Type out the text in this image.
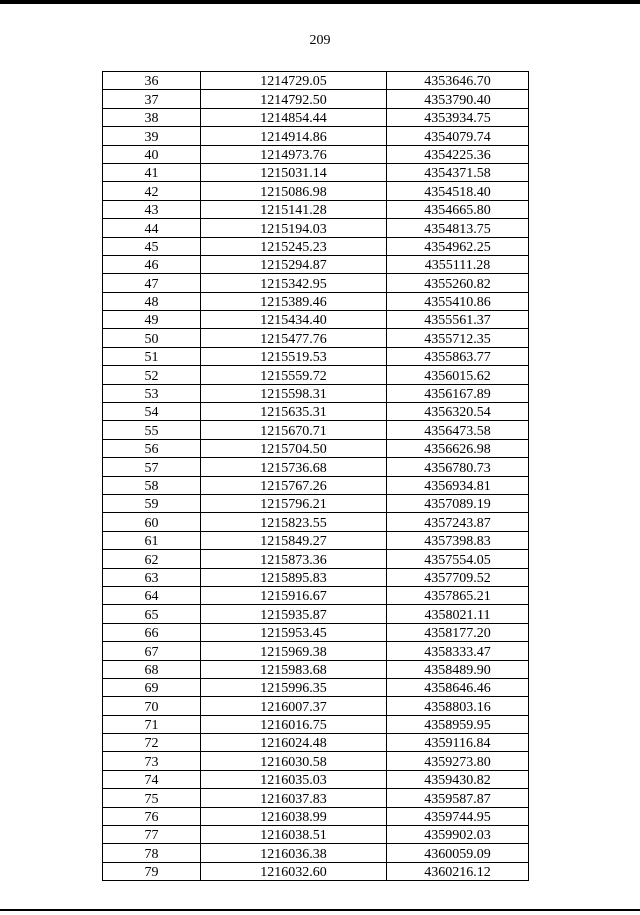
209
36	1214729.05	4353646.70
37	1214792.50	4353790.40
38	1214854.44	4353934.75
39	1214914.86	4354079.74
40	1214973.76	4354225.36
41	1215031.14	4354371.58
42	1215086.98	4354518.40
43	1215141.28	4354665.80
44	1215194.03	4354813.75
45	1215245.23	4354962.25
46	1215294.87	4355111.28
47	1215342.95	4355260.82
48	1215389.46	4355410.86
49	1215434.40	4355561.37
50	1215477.76	4355712.35
51	1215519.53	4355863.77
52	1215559.72	4356015.62
53	1215598.31	4356167.89
54	1215635.31	4356320.54
55	1215670.71	4356473.58
56	1215704.50	4356626.98
57	1215736.68	4356780.73
58	1215767.26	4356934.81
59	1215796.21	4357089.19
60	1215823.55	4357243.87
61	1215849.27	4357398.83
62	1215873.36	4357554.05
63	1215895.83	4357709.52
64	1215916.67	4357865.21
65	1215935.87	4358021.11
66	1215953.45	4358177.20
67	1215969.38	4358333.47
68	1215983.68	4358489.90
69	1215996.35	4358646.46
70	1216007.37	4358803.16
71	1216016.75	4358959.95
72	1216024.48	4359116.84
73	1216030.58	4359273.80
74	1216035.03	4359430.82
75	1216037.83	4359587.87
76	1216038.99	4359744.95
77	1216038.51	4359902.03
78	1216036.38	4360059.09
79	1216032.60	4360216.12
